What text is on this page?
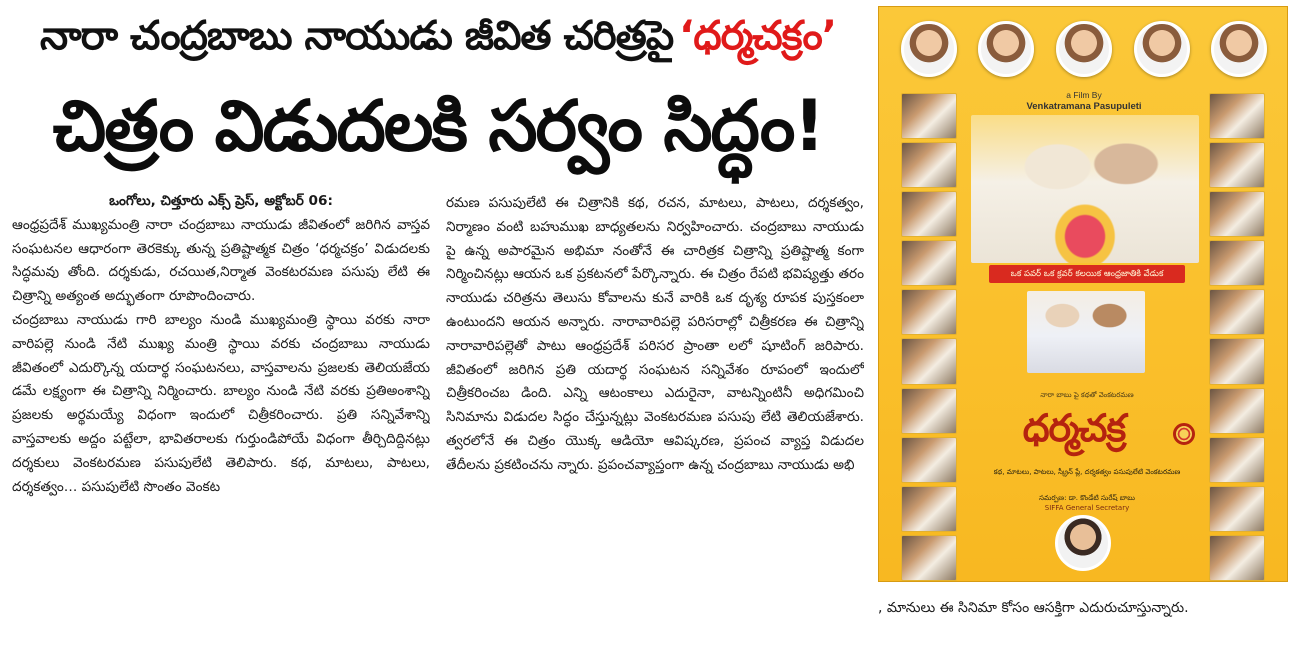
నారా చంద్రబాబు నాయుడు జీవిత చరిత్రపై ‘ధర్మచక్రం’
చిత్రం విడుదలకి సర్వం సిద్ధం!
ఒంగోలు, చిత్తూరు ఎక్స్ ప్రెస్, అక్టోబర్ 06:

ఆంధ్రప్రదేశ్ ముఖ్యమంత్రి నారా చంద్రబాబు నాయుడు జీవితంలో జరిగిన వాస్తవ సంఘటనల ఆధారంగా తెరకెక్కు తున్న ప్రతిష్టాత్మక చిత్రం ‘ధర్మచక్రం’ విడుదలకు సిద్ధమవు తోంది. దర్శకుడు, రచయిత,నిర్మాత వెంకటరమణ పసుపు లేటి ఈ చిత్రాన్ని అత్యంత అద్భుతంగా రూపొందించారు.

చంద్రబాబు నాయుడు గారి బాల్యం నుండి ముఖ్యమంత్రి స్థాయి వరకు నారా వారిపల్లె నుండి నేటి ముఖ్య మంత్రి స్థాయి వరకు చంద్రబాబు నాయుడు జీవితంలో ఎదుర్కొన్న యదార్థ సంఘటనలు, వాస్తవాలను ప్రజలకు తెలియజేయ డమే లక్ష్యంగా ఈ చిత్రాన్ని నిర్మించారు. బాల్యం నుండి నేటి వరకు ప్రతిఅంశాన్ని ప్రజలకు అర్థమయ్యే విధంగా ఇందులో చిత్రీకరించారు. ప్రతి సన్నివేశాన్ని వాస్తవాలకు అద్దం పట్టేలా, భావితరాలకు గుర్తుండిపోయే విధంగా తీర్చిదిద్దినట్లు దర్శకులు వెంకటరమణ పసుపులేటి తెలిపారు. కథ, మాటలు, పాటలు, దర్శకత్వం… పసుపులేటి సొంతం వెంకట

రమణ పసుపులేటి ఈ చిత్రానికి కథ, రచన, మాటలు, పాటలు, దర్శకత్వం, నిర్మాణం వంటి బహుముఖ బాధ్యతలను నిర్వహించారు. చంద్రబాబు నాయుడు పై ఉన్న అపారమైన అభిమా నంతోనే ఈ చారిత్రక చిత్రాన్ని ప్రతిష్టాత్మ కంగా నిర్మించినట్లు ఆయన ఒక ప్రకటనలో పేర్కొన్నారు. ఈ చిత్రం రేపటి భవిష్యత్తు తరం నాయుడు చరిత్రను తెలుసు కోవాలను కునే వారికి ఒక దృశ్య రూపక పుస్తకంలా ఉంటుందని ఆయన అన్నారు. నారావారిపల్లె పరిసరాల్లో చిత్రీకరణ ఈ చిత్రాన్ని నారావారిపల్లెతో పాటు ఆంధ్రప్రదేశ్ పరిసర ప్రాంతా లలో షూటింగ్ జరిపారు. జీవితంలో జరిగిన ప్రతి యదార్థ సంఘటన సన్నివేశం రూపంలో ఇందులో చిత్రీకరించబ డింది. ఎన్ని ఆటంకాలు ఎదురైనా, వాటన్నింటినీ అధిగమించి సినిమాను విడుదల సిద్ధం చేస్తున్నట్లు వెంకటరమణ పసుపు లేటి తెలియజేశారు. త్వరలోనే ఈ చిత్రం యొక్క ఆడియో ఆవిష్కరణ, ప్రపంచ వ్యాప్త విడుదల తేదీలను ప్రకటించను న్నారు. ప్రపంచవ్యాప్తంగా ఉన్న చంద్రబాబు నాయుడు అభి

a Film By
Venkatramana Pasupuleti
ఒక పవర్ ఒక క్రవర్ కలయిక ఆంధ్రజాతికి వేడుక
నారా బాబు పై కథతో వెంకటరమణ
ధర్మచక్ర
కథ, మాటలు, పాటలు, స్క్రీన్ ప్లే, దర్శకత్వం పసుపులేటి వెంకటరమణ
సమర్పణ: డా. కొండేటి సురేష్ బాబు
SIFFA General Secretary
, మానులు ఈ సినిమా కోసం ఆసక్తిగా ఎదురుచూస్తున్నారు.
